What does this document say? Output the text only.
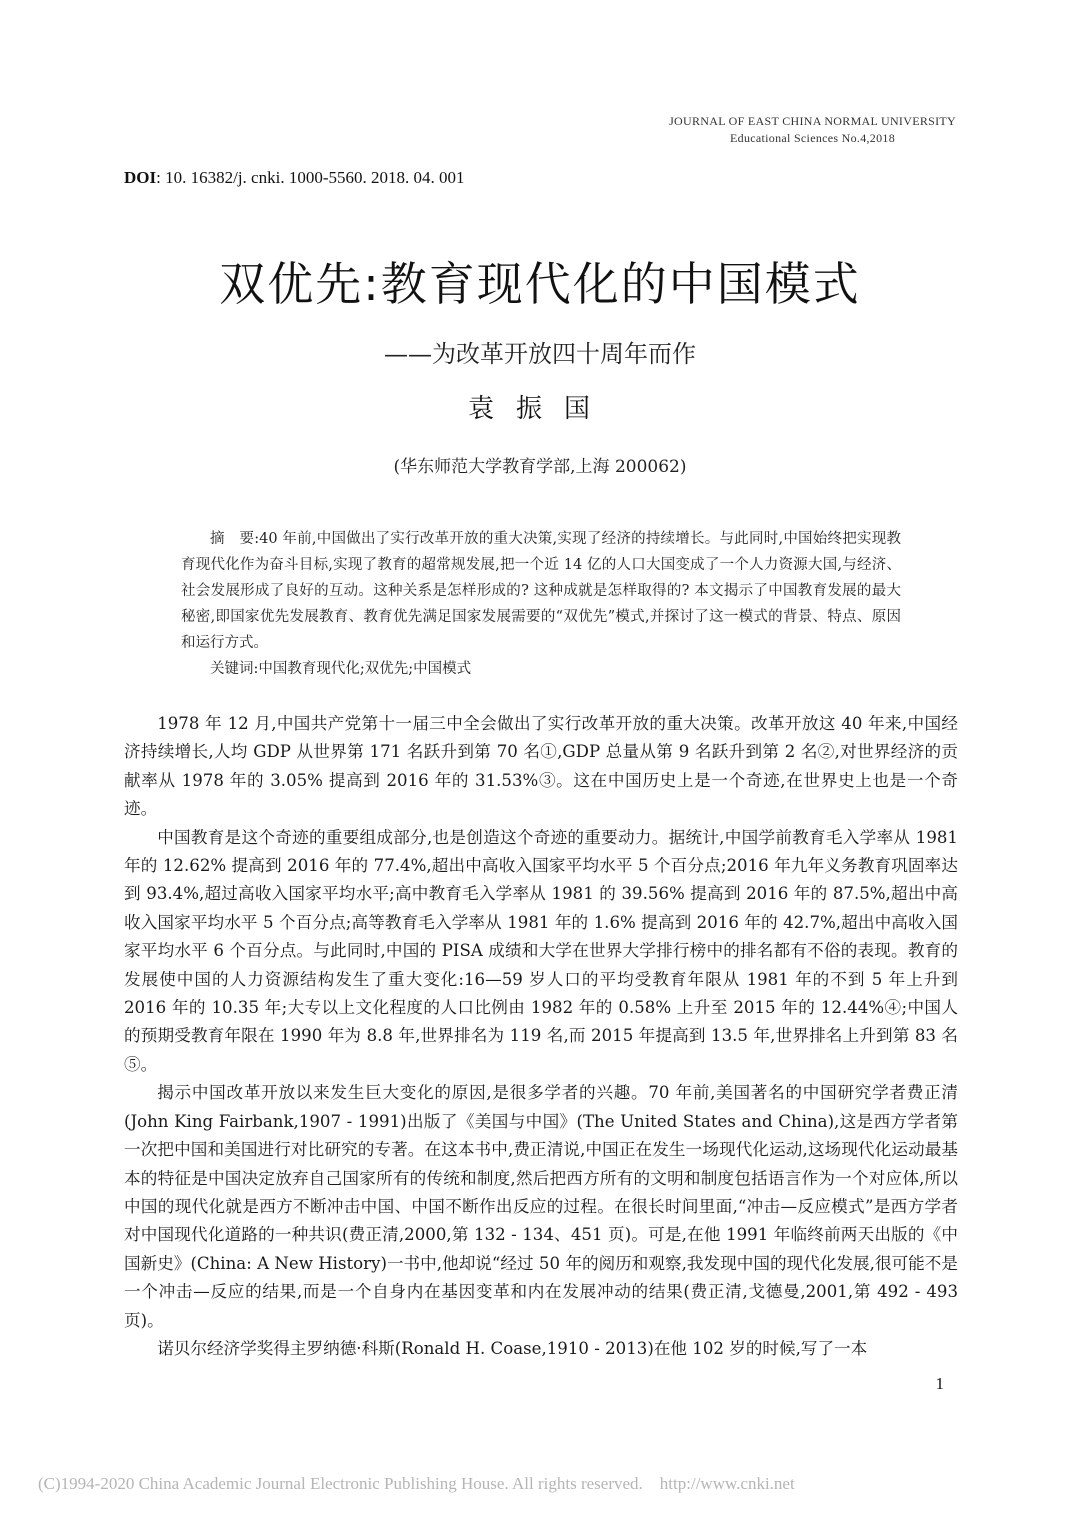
JOURNAL OF EAST CHINA NORMAL UNIVERSITY
Educational Sciences No.4,2018
DOI: 10. 16382/j. cnki. 1000-5560. 2018. 04. 001
双优先:教育现代化的中国模式
——为改革开放四十周年而作
袁振国
(华东师范大学教育学部,上海 200062)

摘　要:40 年前,中国做出了实行改革开放的重大决策,实现了经济的持续增长。与此同时,中国始终把实现教育现代化作为奋斗目标,实现了教育的超常规发展,把一个近 14 亿的人口大国变成了一个人力资源大国,与经济、社会发展形成了良好的互动。这种关系是怎样形成的? 这种成就是怎样取得的? 本文揭示了中国教育发展的最大秘密,即国家优先发展教育、教育优先满足国家发展需要的“双优先”模式,并探讨了这一模式的背景、特点、原因和运行方式。

关键词:中国教育现代化;双优先;中国模式

1978 年 12 月,中国共产党第十一届三中全会做出了实行改革开放的重大决策。改革开放这 40 年来,中国经济持续增长,人均 GDP 从世界第 171 名跃升到第 70 名①,GDP 总量从第 9 名跃升到第 2 名②,对世界经济的贡献率从 1978 年的 3.05% 提高到 2016 年的 31.53%③。这在中国历史上是一个奇迹,在世界史上也是一个奇迹。

中国教育是这个奇迹的重要组成部分,也是创造这个奇迹的重要动力。据统计,中国学前教育毛入学率从 1981 年的 12.62% 提高到 2016 年的 77.4%,超出中高收入国家平均水平 5 个百分点;2016 年九年义务教育巩固率达到 93.4%,超过高收入国家平均水平;高中教育毛入学率从 1981 的 39.56% 提高到 2016 年的 87.5%,超出中高收入国家平均水平 5 个百分点;高等教育毛入学率从 1981 年的 1.6% 提高到 2016 年的 42.7%,超出中高收入国家平均水平 6 个百分点。与此同时,中国的 PISA 成绩和大学在世界大学排行榜中的排名都有不俗的表现。教育的发展使中国的人力资源结构发生了重大变化:16—59 岁人口的平均受教育年限从 1981 年的不到 5 年上升到 2016 年的 10.35 年;大专以上文化程度的人口比例由 1982 年的 0.58% 上升至 2015 年的 12.44%④;中国人的预期受教育年限在 1990 年为 8.8 年,世界排名为 119 名,而 2015 年提高到 13.5 年,世界排名上升到第 83 名⑤。

揭示中国改革开放以来发生巨大变化的原因,是很多学者的兴趣。70 年前,美国著名的中国研究学者费正清(John King Fairbank,1907 - 1991)出版了《美国与中国》(The United States and China),这是西方学者第一次把中国和美国进行对比研究的专著。在这本书中,费正清说,中国正在发生一场现代化运动,这场现代化运动最基本的特征是中国决定放弃自己国家所有的传统和制度,然后把西方所有的文明和制度包括语言作为一个对应体,所以中国的现代化就是西方不断冲击中国、中国不断作出反应的过程。在很长时间里面,“冲击—反应模式”是西方学者对中国现代化道路的一种共识(费正清,2000,第 132 - 134、451 页)。可是,在他 1991 年临终前两天出版的《中国新史》(China: A New History)一书中,他却说“经过 50 年的阅历和观察,我发现中国的现代化发展,很可能不是一个冲击—反应的结果,而是一个自身内在基因变革和内在发展冲动的结果(费正清,戈德曼,2001,第 492 - 493 页)。

诺贝尔经济学奖得主罗纳德·科斯(Ronald H. Coase,1910 - 2013)在他 102 岁的时候,写了一本

1
(C)1994-2020 China Academic Journal Electronic Publishing House. All rights reserved.    http://www.cnki.net
